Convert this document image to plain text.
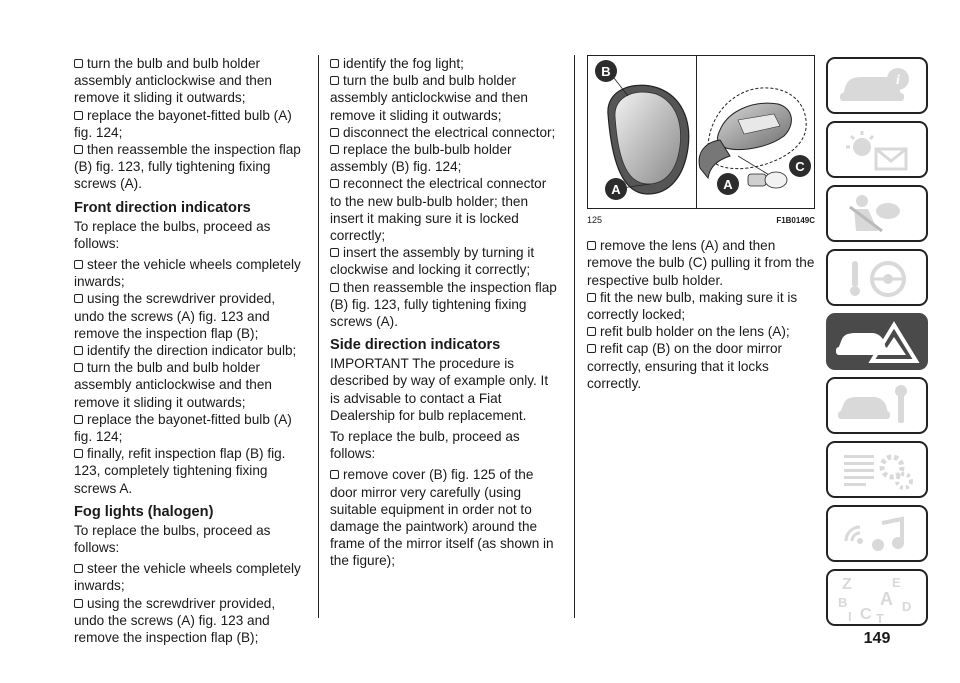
turn the bulb and bulb holder assembly anticlockwise and then remove it sliding it outwards;

replace the bayonet-fitted bulb (A) fig. 124;

then reassemble the inspection flap (B) fig. 123, fully tightening fixing screws (A).

Front direction indicators

To replace the bulbs, proceed as follows:

steer the vehicle wheels completely inwards;

using the screwdriver provided, undo the screws (A) fig. 123 and remove the inspection flap (B);

identify the direction indicator bulb;

turn the bulb and bulb holder assembly anticlockwise and then remove it sliding it outwards;

replace the bayonet-fitted bulb (A) fig. 124;

finally, refit inspection flap (B) fig. 123, completely tightening fixing screws A.

Fog lights (halogen)

To replace the bulbs, proceed as follows:

steer the vehicle wheels completely inwards;

using the screwdriver provided, undo the screws (A) fig. 123 and remove the inspection flap (B);

identify the fog light;

turn the bulb and bulb holder assembly anticlockwise and then remove it sliding it outwards;

disconnect the electrical connector;

replace the bulb-bulb holder assembly (B) fig. 124;

reconnect the electrical connector to the new bulb-bulb holder; then insert it making sure it is locked correctly;

insert the assembly by turning it clockwise and locking it correctly;

then reassemble the inspection flap (B) fig. 123, fully tightening fixing screws (A).

Side direction indicators

IMPORTANT The procedure is described by way of example only. It is advisable to contact a Fiat Dealership for bulb replacement.

To replace the bulb, proceed as follows:

remove cover (B) fig. 125 of the door mirror very carefully (using suitable equipment in order not to damage the paintwork) around the frame of the mirror itself (as shown in the figure);

B
A	A
C
125	F1B0149C

remove the lens (A) and then remove the bulb (C) pulling it from the respective bulb holder.

fit the new bulb, making sure it is correctly locked;

refit bulb holder on the lens (A);

refit cap (B) on the door mirror correctly, ensuring that it locks correctly.

i
Z	E
A
B	D
I C T
149
